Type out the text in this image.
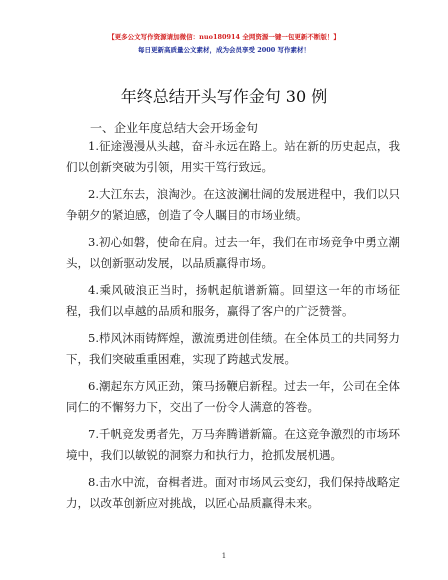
【更多公文写作资源请加微信：nuo180914 全网资源一键一包更新不断版！】
每日更新高质量公文素材，成为会员享受 2000 写作素材！
年终总结开头写作金句 30 例
一、企业年度总结大会开场金句

1.征途漫漫从头越，奋斗永远在路上。站在新的历史起点，我们以创新突破为引领，用实干笃行致远。

2.大江东去，浪淘沙。在这波澜壮阔的发展进程中，我们以只争朝夕的紧迫感，创造了令人瞩目的市场业绩。

3.初心如磐，使命在肩。过去一年，我们在市场竞争中勇立潮头，以创新驱动发展，以品质赢得市场。

4.乘风破浪正当时，扬帆起航谱新篇。回望这一年的市场征程，我们以卓越的品质和服务，赢得了客户的广泛赞誉。

5.栉风沐雨铸辉煌，激流勇进创佳绩。在全体员工的共同努力下，我们突破重重困难，实现了跨越式发展。

6.潮起东方风正劲，策马扬鞭启新程。过去一年，公司在全体同仁的不懈努力下，交出了一份令人满意的答卷。

7.千帆竞发勇者先，万马奔腾谱新篇。在这竞争激烈的市场环境中，我们以敏锐的洞察力和执行力，抢抓发展机遇。

8.击水中流，奋楫者进。面对市场风云变幻，我们保持战略定力，以改革创新应对挑战，以匠心品质赢得未来。

1
